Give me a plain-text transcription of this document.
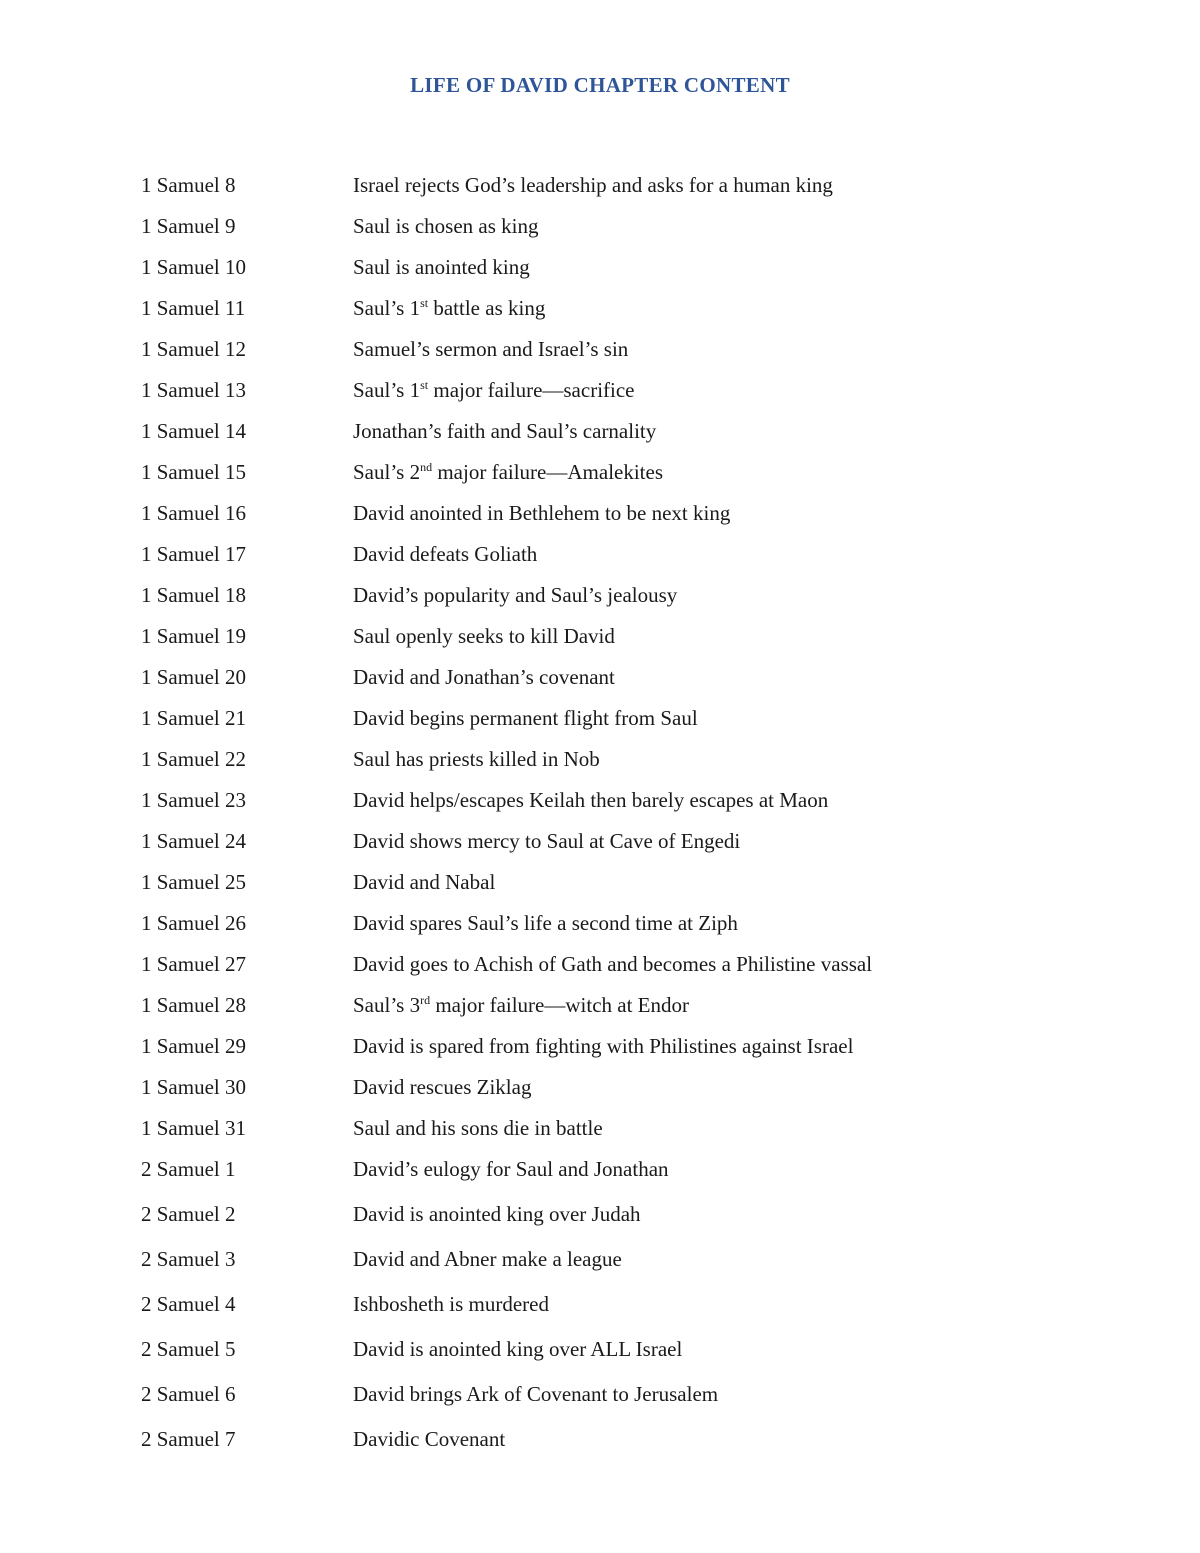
LIFE OF DAVID CHAPTER CONTENT
1 Samuel 8	Israel rejects God’s leadership and asks for a human king
1 Samuel 9	Saul is chosen as king
1 Samuel 10	Saul is anointed king
1 Samuel 11	Saul’s 1st battle as king
1 Samuel 12	Samuel’s sermon and Israel’s sin
1 Samuel 13	Saul’s 1st major failure—sacrifice
1 Samuel 14	Jonathan’s faith and Saul’s carnality
1 Samuel 15	Saul’s 2nd major failure—Amalekites
1 Samuel 16	David anointed in Bethlehem to be next king
1 Samuel 17	David defeats Goliath
1 Samuel 18	David’s popularity and Saul’s jealousy
1 Samuel 19	Saul openly seeks to kill David
1 Samuel 20	David and Jonathan’s covenant
1 Samuel 21	David begins permanent flight from Saul
1 Samuel 22	Saul has priests killed in Nob
1 Samuel 23	David helps/escapes Keilah then barely escapes at Maon
1 Samuel 24	David shows mercy to Saul at Cave of Engedi
1 Samuel 25	David and Nabal
1 Samuel 26	David spares Saul’s life a second time at Ziph
1 Samuel 27	David goes to Achish of Gath and becomes a Philistine vassal
1 Samuel 28	Saul’s 3rd major failure—witch at Endor
1 Samuel 29	David is spared from fighting with Philistines against Israel
1 Samuel 30	David rescues Ziklag
1 Samuel 31	Saul and his sons die in battle
2 Samuel 1	David’s eulogy for Saul and Jonathan
2 Samuel 2	David is anointed king over Judah
2 Samuel 3	David and Abner make a league
2 Samuel 4	Ishbosheth is murdered
2 Samuel 5	David is anointed king over ALL Israel
2 Samuel 6	David brings Ark of Covenant to Jerusalem
2 Samuel 7	Davidic Covenant
